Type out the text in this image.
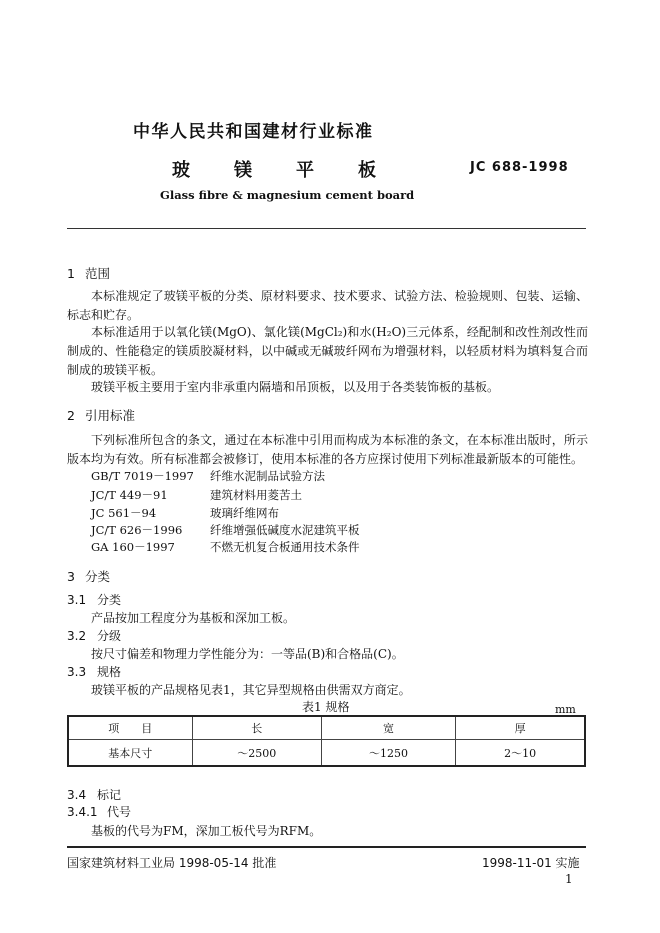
中华人民共和国建材行业标准
玻镁平板	JC 688-1998
Glass fibre & magnesium cement board
1 范围
本标准规定了玻镁平板的分类、原材料要求、技术要求、试验方法、检验规则、包装、运输、标志和贮存。
本标准适用于以氧化镁(MgO)、氯化镁(MgCl₂)和水(H₂O)三元体系，经配制和改性剂改性而制成的、性能稳定的镁质胶凝材料，以中碱或无碱玻纤网布为增强材料，以轻质材料为填料复合而制成的玻镁平板。
玻镁平板主要用于室内非承重内隔墙和吊顶板，以及用于各类装饰板的基板。
2 引用标准
下列标准所包含的条文，通过在本标准中引用而构成为本标准的条文，在本标准出版时，所示版本均为有效。所有标准都会被修订，使用本标准的各方应探讨使用下列标准最新版本的可能性。
GB/T 7019－1997 纤维水泥制品试验方法
JC/T 449－91	建筑材料用菱苦土
JC 561－94	玻璃纤维网布
JC/T 626－1996 纤维增强低碱度水泥建筑平板
GA 160－1997	不燃无机复合板通用技术条件
3 分类
3.1 分类
产品按加工程度分为基板和深加工板。
3.2 分级
按尺寸偏差和物理力学性能分为：一等品(B)和合格品(C)。
3.3 规格
玻镁平板的产品规格见表1，其它异型规格由供需双方商定。
表1 规格	mm
项　　目	长	宽	厚
基本尺寸	～2500	～1250	2～10
3.4 标记
3.4.1 代号
基板的代号为FM，深加工板代号为RFM。
国家建筑材料工业局 1998-05-14 批准	1998-11-01 实施
1
